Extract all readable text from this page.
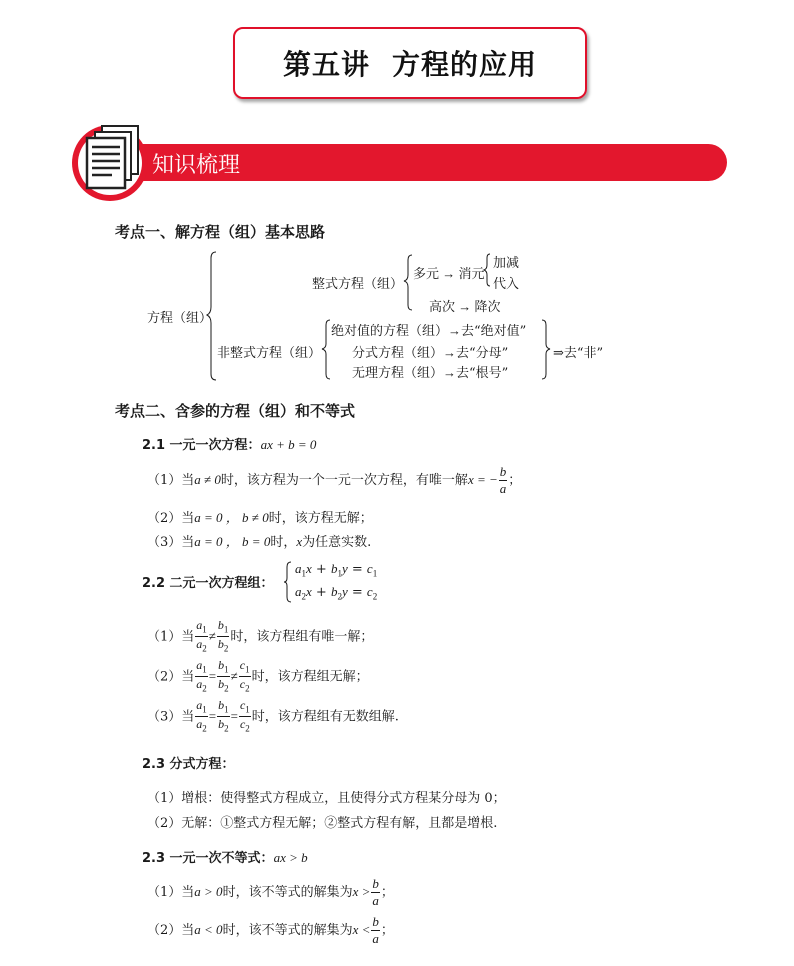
第五讲 方程的应用
知识梳理
考点一、解方程（组）基本思路
方程（组）
整式方程（组）
多元 → 消元
加减
代入
高次 → 降次
非整式方程（组）
绝对值的方程（组）→去“绝对值”
分式方程（组）→去“分母”
无理方程（组）→去“根号”
⇒去“非”
考点二、含参的方程（组）和不等式
2.1 一元一次方程：ax + b = 0
（1）当a ≠ 0时，该方程为一个一元一次方程，有唯一解x = − $\frac{b}{a}$ ；
（2）当a = 0 ， b ≠ 0时，该方程无解；
（3）当a = 0 ， b = 0时，x为任意实数.
2.2 二元一次方程组：
$a_1x + b_1y = c_1$
$a_2x + b_2y = c_2$
（1）当 $\frac{a_1}{a_2} \ne \frac{b_1}{b_2}$ 时，该方程组有唯一解；
（2）当 $\frac{a_1}{a_2} = \frac{b_1}{b_2} \ne \frac{c_1}{c_2}$ 时，该方程组无解；
（3）当 $\frac{a_1}{a_2} = \frac{b_1}{b_2} = \frac{c_1}{c_2}$ 时，该方程组有无数组解.
2.3 分式方程：
（1）增根：使得整式方程成立，且使得分式方程某分母为 0；
（2）无解：①整式方程无解；②整式方程有解，且都是增根.
2.3 一元一次不等式：ax > b
（1）当a > 0时，该不等式的解集为$x > \frac{b}{a}$ ；
（2）当a < 0时，该不等式的解集为$x < \frac{b}{a}$ ；
